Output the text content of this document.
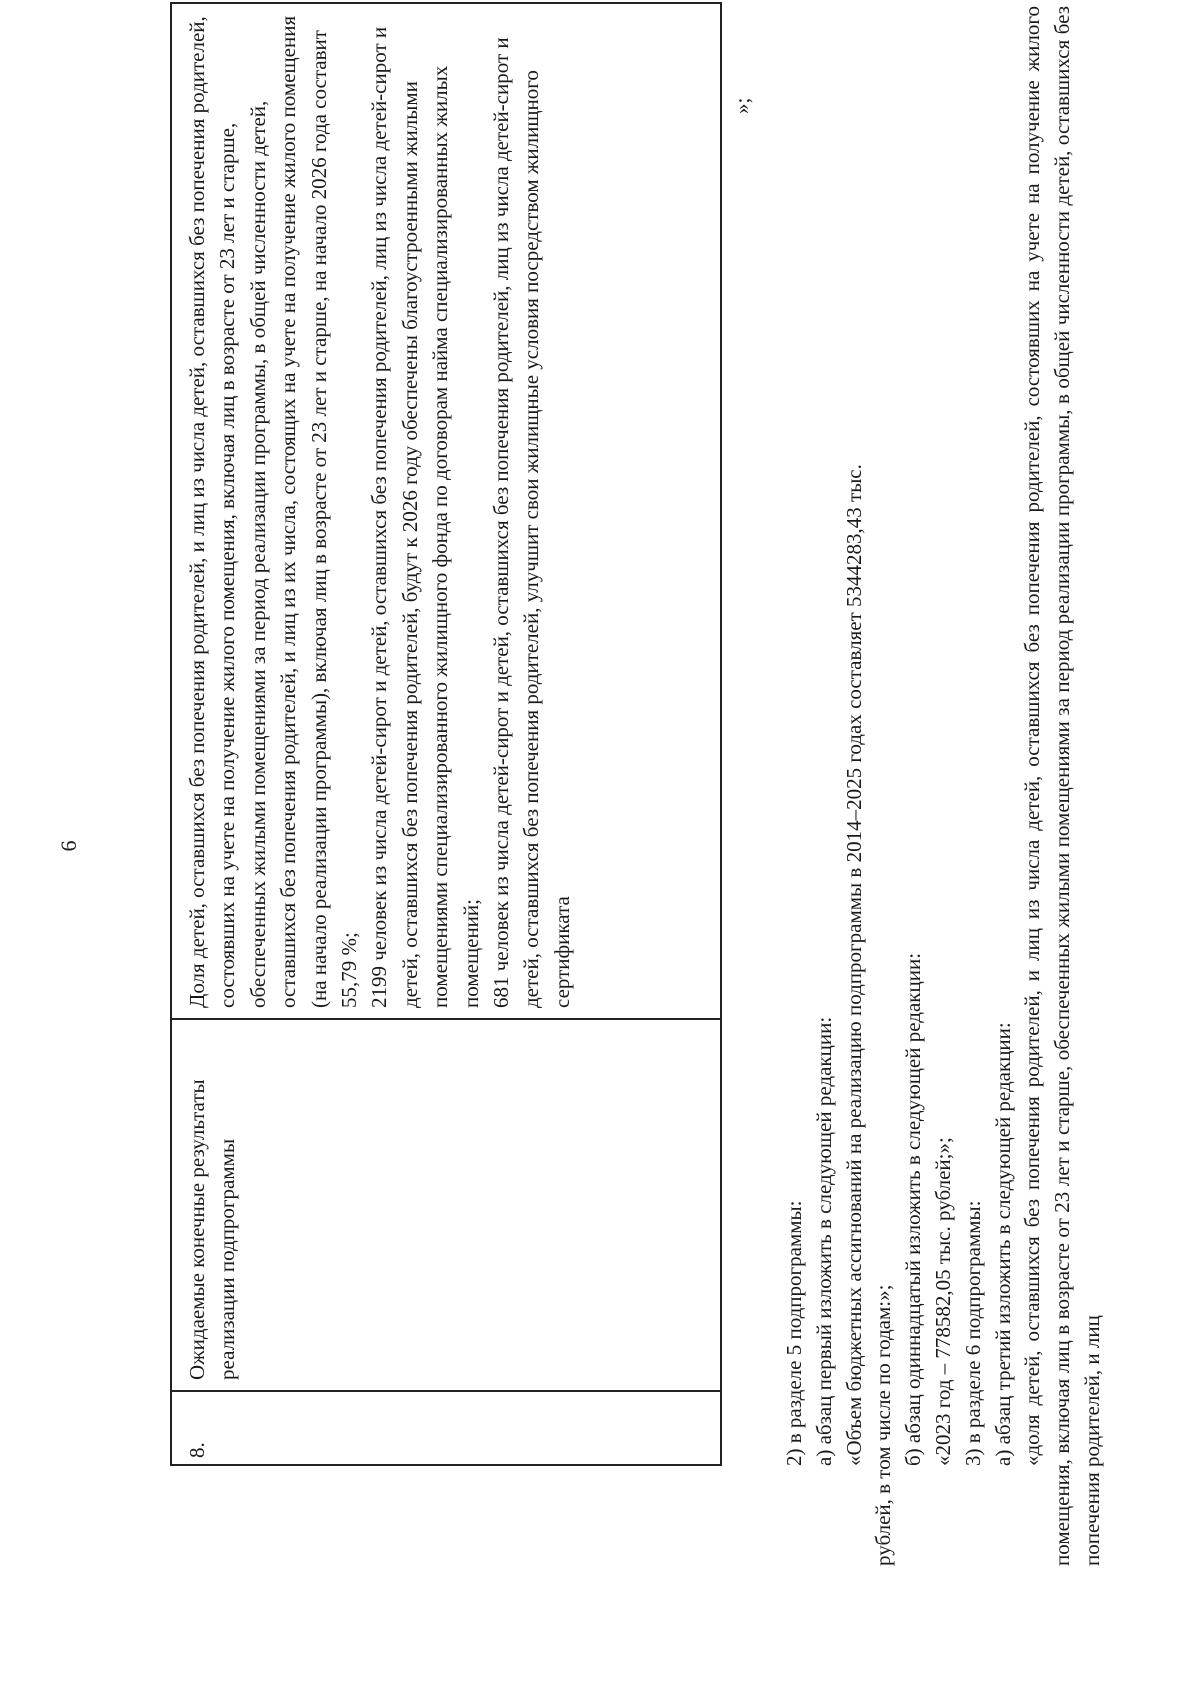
6
8.

Ожидаемые конечные результаты реализации подпрограммы

Доля детей, оставшихся без попечения родителей, и лиц из числа детей, оставшихся без попечения родителей, состоявших на учете на получение жилого помещения, включая лиц в возрасте от 23 лет и старше, обеспеченных жилыми помещениями за период реализации программы, в общей численности детей, оставшихся без попечения родителей, и лиц из их числа, состоящих на учете на получение жилого помещения (на начало реализации программы), включая лиц в возрасте от 23 лет и старше, на начало 2026 года составит 55,79 %; 2199 человек из числа детей-сирот и детей, оставшихся без попечения родителей, лиц из числа детей-сирот и детей, оставшихся без попечения родителей, будут к 2026 году обеспечены благоустроенными жилыми помещениями специализированного жилищного фонда по договорам найма специализированных жилых помещений; 681 человек из числа детей-сирот и детей, оставшихся без попечения родителей, лиц из числа детей-сирот и детей, оставшихся без попечения родителей, улучшит свои жилищные условия посредством жилищного сертификата

»;

2) в разделе 5 подпрограммы: а) абзац первый изложить в следующей редакции: «Объем бюджетных ассигнований на реализацию подпрограммы в 2014–2025 годах составляет 5344283,43 тыс. рублей, в том числе по годам:»; б) абзац одиннадцатый изложить в следующей редакции: «2023 год – 778582,05 тыс. рублей;»; 3) в разделе 6 подпрограммы: а) абзац третий изложить в следующей редакции: «доля детей, оставшихся без попечения родителей, и лиц из числа детей, оставшихся без попечения родителей, состоявших на учете на получение жилого помещения, включая лиц в возрасте от 23 лет и старше, обеспеченных жилыми помещениями за период реализации программы, в общей численности детей, оставшихся без попечения родителей, и лиц
